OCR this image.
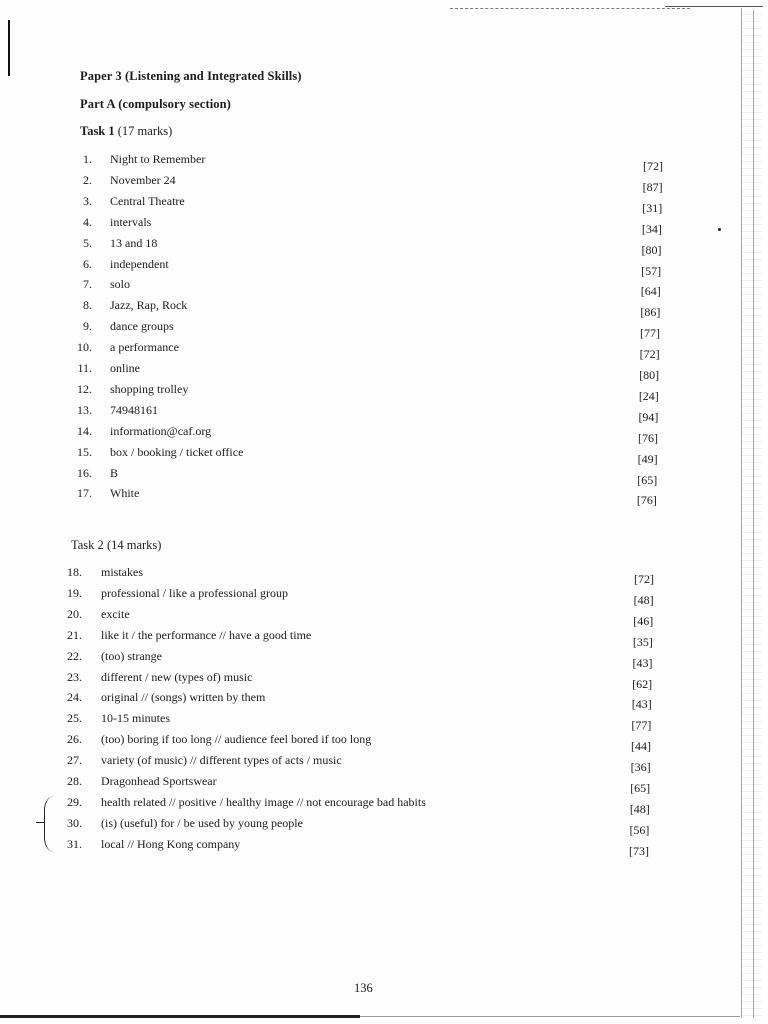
Paper 3 (Listening and Integrated Skills)
Part A (compulsory section)
Task 1 (17 marks)
1. Night to Remember	[72]
2. November 24	[87]
3. Central Theatre	[31]
4. intervals	[34]
5. 13 and 18	[80]
6. independent	[57]
7. solo	[64]
8. Jazz, Rap, Rock	[86]
9. dance groups	[77]
10. a performance	[72]
11. online	[80]
12. shopping trolley	[24]
13. 74948161	[94]
14. information@caf.org	[76]
15. box / booking / ticket office	[49]
16. B	[65]
17. White	[76]
Task 2 (14 marks)
18. mistakes	[72]
19. professional / like a professional group	[48]
20. excite	[46]
21. like it / the performance // have a good time	[35]
22. (too) strange	[43]
23. different / new (types of) music	[62]
24. original // (songs) written by them	[43]
25. 10-15 minutes	[77]
26. (too) boring if too long // audience feel bored if too long	[44]
27. variety (of music) // different types of acts / music	[36]
28. Dragonhead Sportswear	[65]
29. health related // positive / healthy image // not encourage bad habits	[48]
30. (is) (useful) for / be used by young people	[56]
31. local // Hong Kong company	[73]
136
